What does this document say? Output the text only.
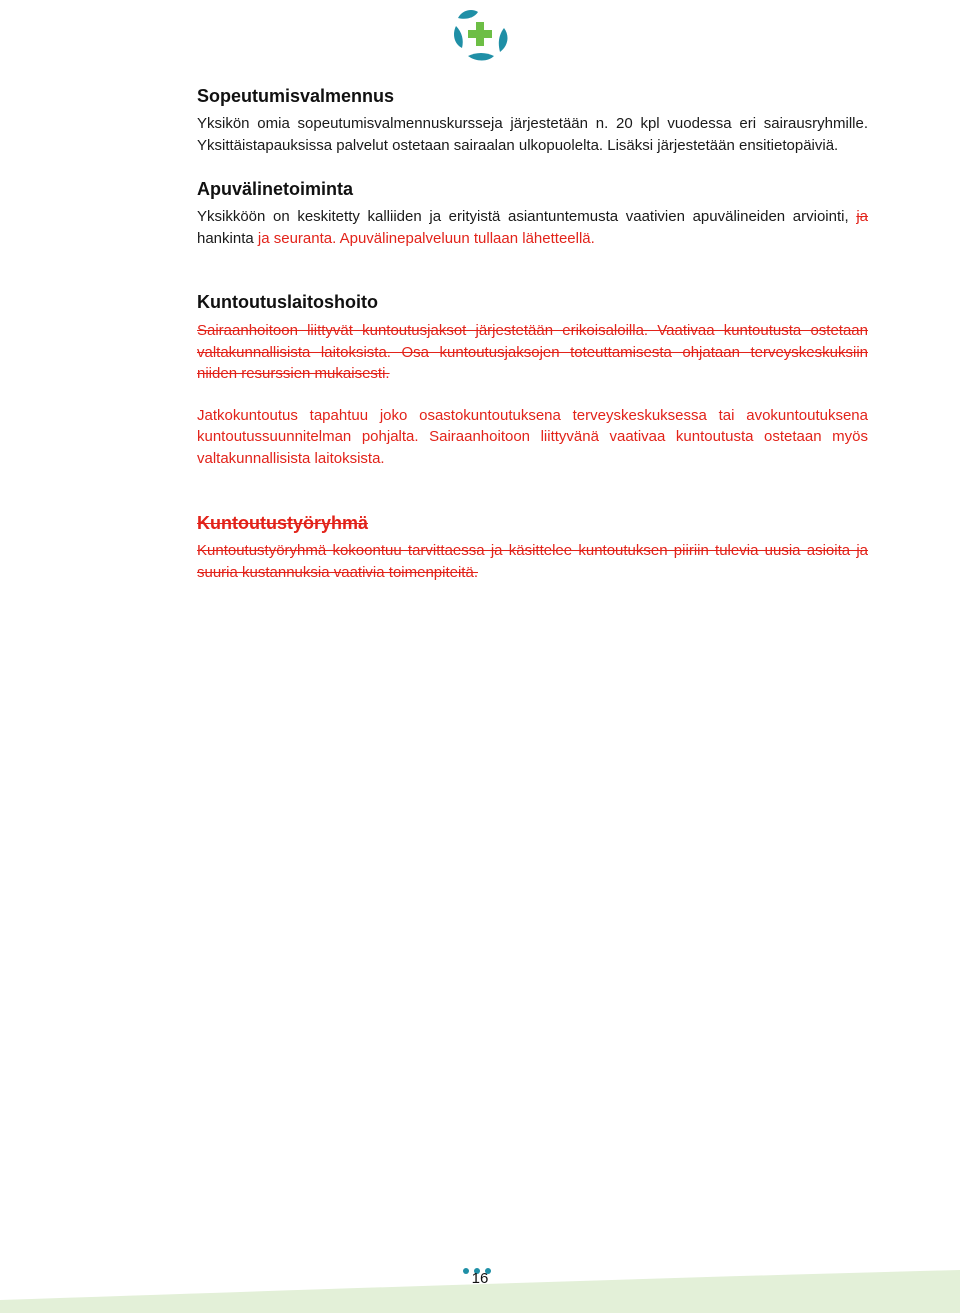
Sopeutumisvalmennus

Yksikön omia sopeutumisvalmennuskursseja järjestetään n. 20 kpl vuodessa eri sairausryhmille. Yksittäistapauksissa palvelut ostetaan sairaalan ulkopuolelta. Lisäksi järjestetään ensitietopäiviä.

Apuvälinetoiminta

Yksikköön on keskitetty kalliiden ja erityistä asiantuntemusta vaativien apuvälineiden arviointi, ja hankinta ja seuranta. Apuvälinepalveluun tullaan lähetteellä.

Kuntoutuslaitoshoito

Sairaanhoitoon liittyvät kuntoutusjaksot järjestetään erikoisaloilla. Vaativaa kuntoutusta ostetaan valtakunnallisista laitoksista. Osa kuntoutusjaksojen toteuttamisesta ohjataan terveyskeskuksiin niiden resurssien mukaisesti.

Jatkokuntoutus tapahtuu joko osastokuntoutuksena terveyskeskuksessa tai avokuntoutuksena kuntoutussuunnitelman pohjalta. Sairaanhoitoon liittyvänä vaativaa kuntoutusta ostetaan myös valtakunnallisista laitoksista.

Kuntoutustyöryhmä

Kuntoutustyöryhmä kokoontuu tarvittaessa ja käsittelee kuntoutuksen piiriin tulevia uusia asioita ja suuria kustannuksia vaativia toimenpiteitä.

16
